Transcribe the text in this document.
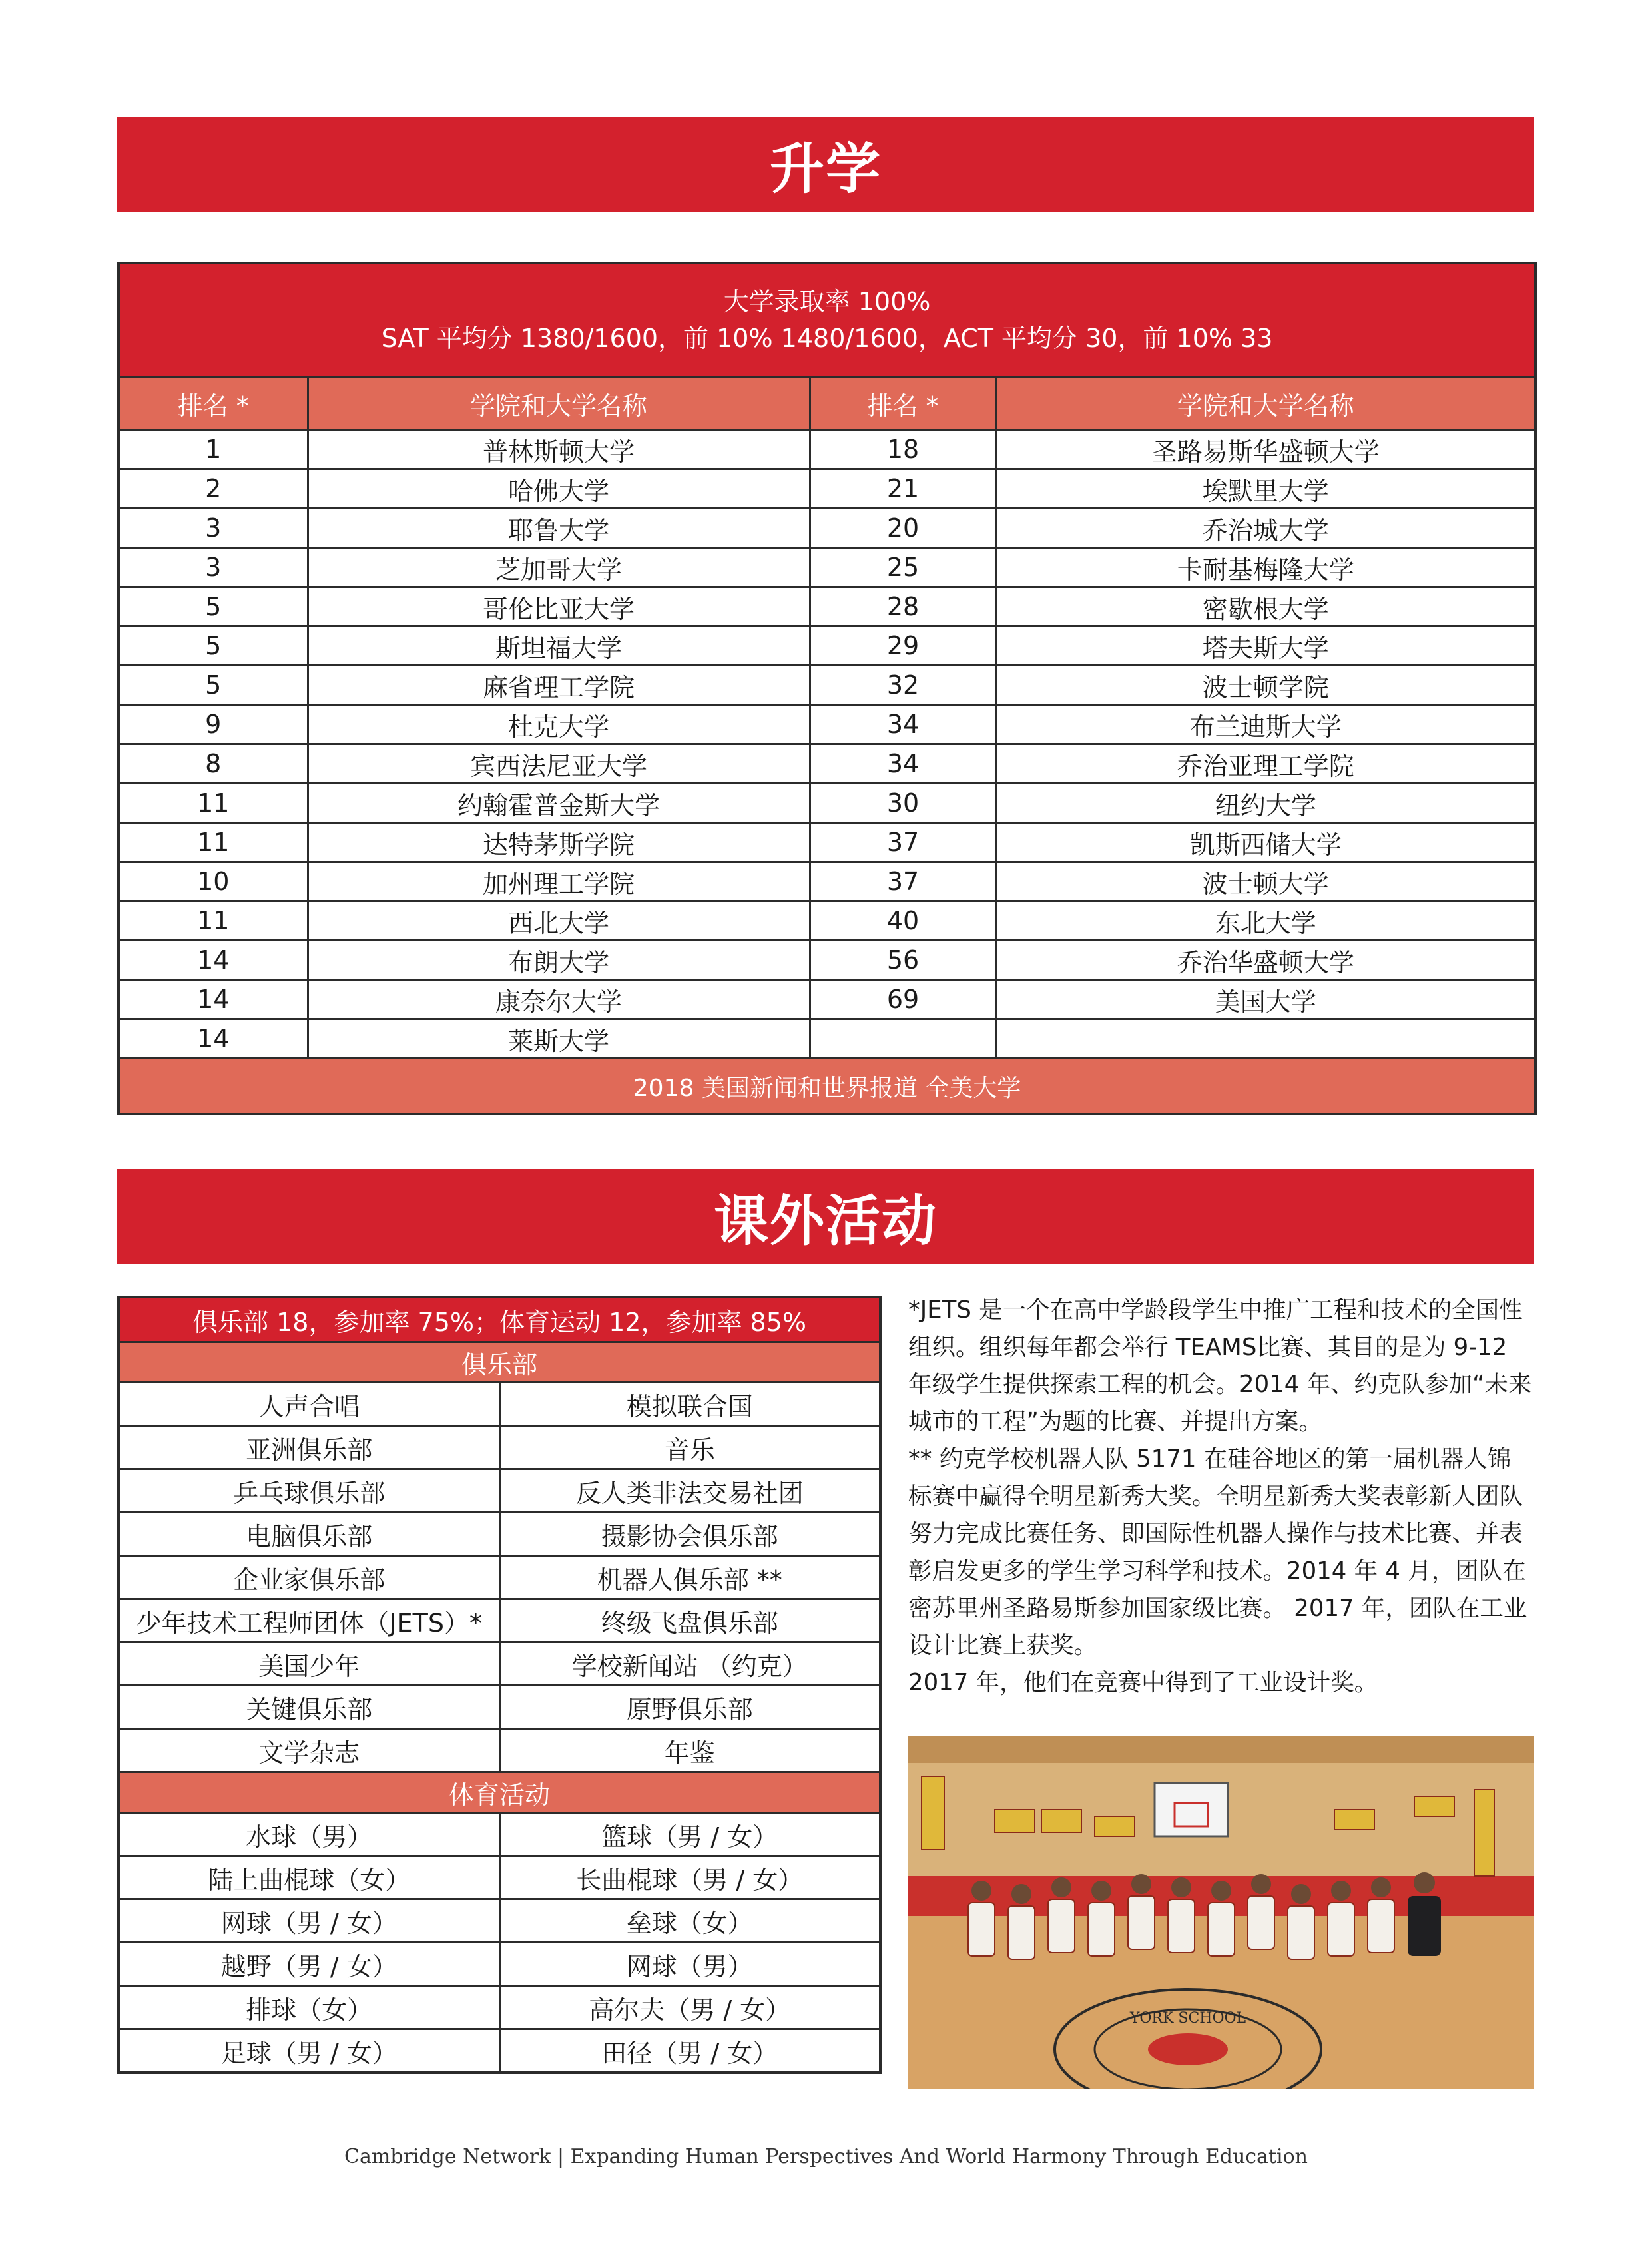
升学
大学录取率 100%
SAT 平均分 1380/1600，前 10% 1480/1600，ACT 平均分 30，前 10% 33			

排名 *	学院和大学名称	排名 *	学院和大学名称
1	普林斯顿大学	18	圣路易斯华盛顿大学
2	哈佛大学	21	埃默里大学
3	耶鲁大学	20	乔治城大学
3	芝加哥大学	25	卡耐基梅隆大学
5	哥伦比亚大学	28	密歇根大学
5	斯坦福大学	29	塔夫斯大学
5	麻省理工学院	32	波士顿学院
9	杜克大学	34	布兰迪斯大学
8	宾西法尼亚大学	34	乔治亚理工学院
11	约翰霍普金斯大学	30	纽约大学
11	达特茅斯学院	37	凯斯西储大学
10	加州理工学院	37	波士顿大学
11	西北大学	40	东北大学
14	布朗大学	56	乔治华盛顿大学
14	康奈尔大学	69	美国大学
14	莱斯大学		
2018 美国新闻和世界报道 全美大学			
课外活动
俱乐部 18，参加率 75%；体育运动 12，参加率 85%	
俱乐部	
人声合唱	模拟联合国
亚洲俱乐部	音乐
乒乓球俱乐部	反人类非法交易社团
电脑俱乐部	摄影协会俱乐部
企业家俱乐部	机器人俱乐部 **
少年技术工程师团体（JETS）*	终级飞盘俱乐部
美国少年	学校新闻站 （约克）
关键俱乐部	原野俱乐部
文学杂志	年鉴
体育活动	
水球（男）	篮球（男 / 女）
陆上曲棍球（女）	长曲棍球（男 / 女）
网球（男 / 女）	垒球（女）
越野（男 / 女）	网球（男）
排球（女）	高尔夫（男 / 女）
足球（男 / 女）	田径（男 / 女）

*JETS 是一个在高中学龄段学生中推广工程和技术的全国性组织。组织每年都会举行 TEAMS比赛、其目的是为 9-12 年级学生提供探索工程的机会。2014 年、约克队参加“未来城市的工程”为题的比赛、并提出方案。

** 约克学校机器人队 5171 在硅谷地区的第一届机器人锦标赛中赢得全明星新秀大奖。全明星新秀大奖表彰新人团队努力完成比赛任务、即国际性机器人操作与技术比赛、并表彰启发更多的学生学习科学和技术。2014 年 4 月，团队在密苏里州圣路易斯参加国家级比赛。 2017 年，团队在工业设计比赛上获奖。

2017 年，他们在竞赛中得到了工业设计奖。

YORK SCHOOL
Cambridge Network | Expanding Human Perspectives And World Harmony Through Education
